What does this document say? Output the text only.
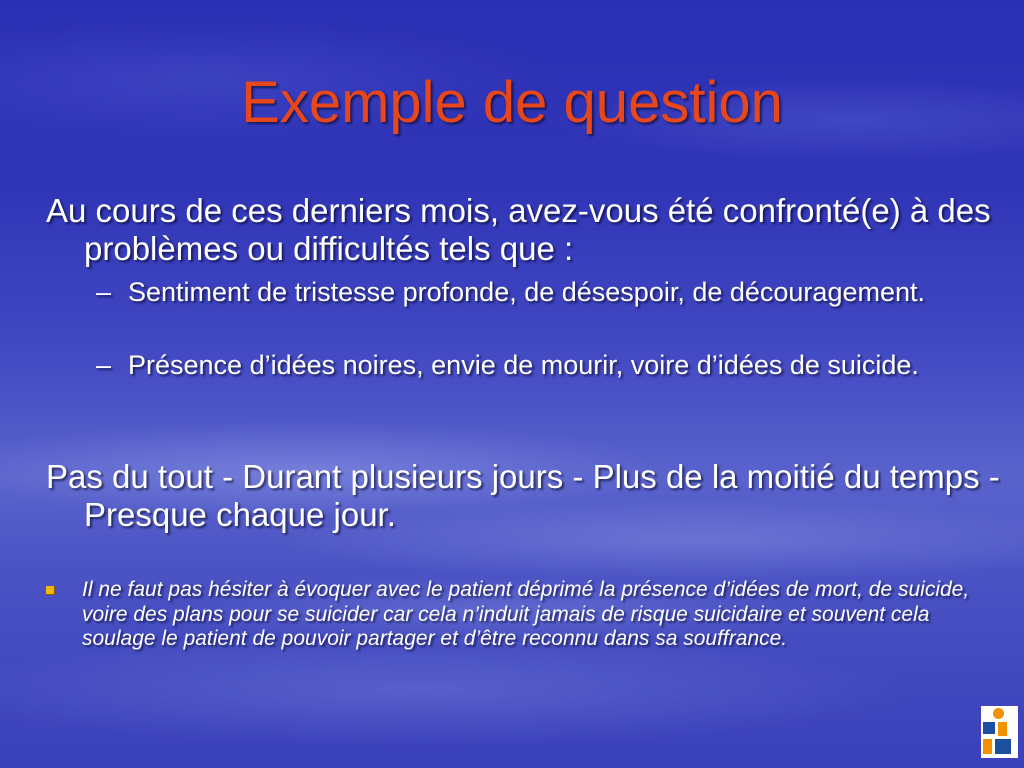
Exemple de question
Au cours de ces derniers mois, avez-vous été confronté(e) à des problèmes ou difficultés tels que :
– Sentiment de tristesse profonde, de désespoir, de découragement.
– Présence d’idées noires, envie de mourir, voire d’idées de suicide.
Pas du tout - Durant plusieurs jours - Plus de la moitié du temps - Presque chaque jour.
Il ne faut pas hésiter à évoquer avec le patient déprimé la présence d’idées de mort, de suicide, voire des plans pour se suicider car cela n’induit jamais de risque suicidaire et souvent cela soulage le patient de pouvoir partager et d’être reconnu dans sa souffrance.
